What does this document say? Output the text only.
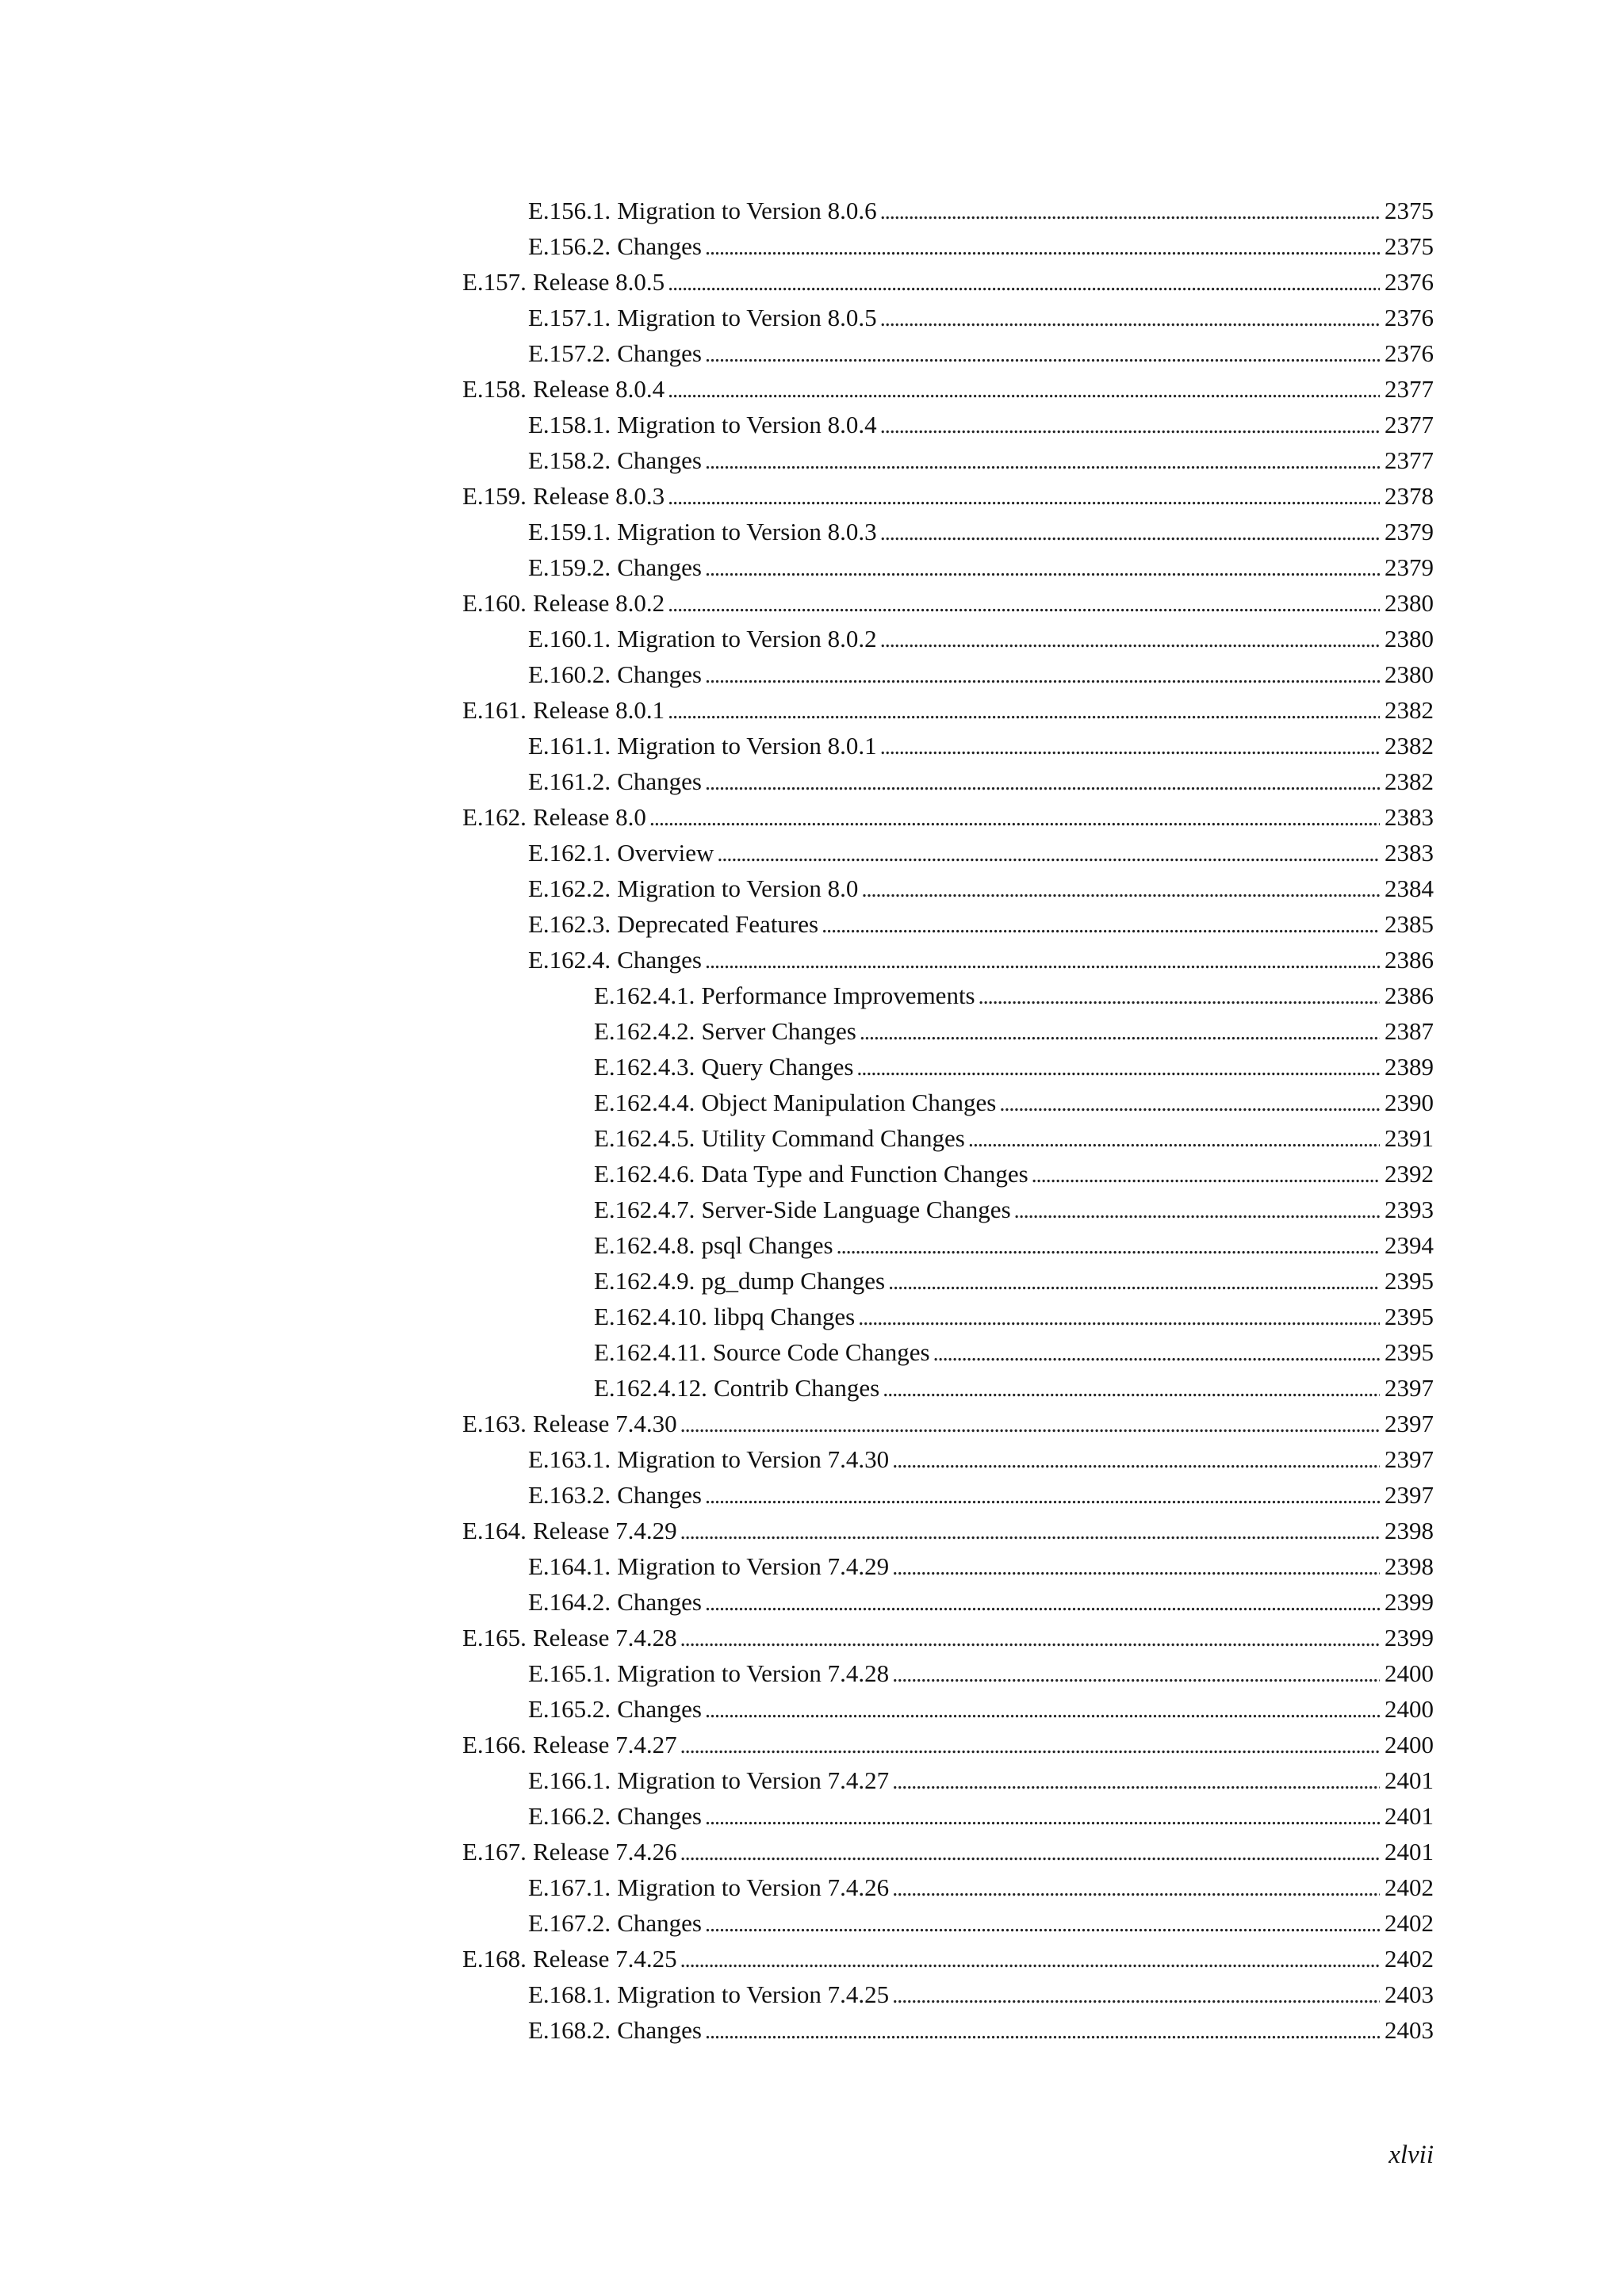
E.156.1. Migration to Version 8.0.6 . . .	2375
E.156.2. Changes . . .	2375
E.157. Release 8.0.5 . . .	2376
E.157.1. Migration to Version 8.0.5 . . .	2376
E.157.2. Changes . . .	2376
E.158. Release 8.0.4 . . .	2377
E.158.1. Migration to Version 8.0.4 . . .	2377
E.158.2. Changes . . .	2377
E.159. Release 8.0.3 . . .	2378
E.159.1. Migration to Version 8.0.3 . . .	2379
E.159.2. Changes . . .	2379
E.160. Release 8.0.2 . . .	2380
E.160.1. Migration to Version 8.0.2 . . .	2380
E.160.2. Changes . . .	2380
E.161. Release 8.0.1 . . .	2382
E.161.1. Migration to Version 8.0.1 . . .	2382
E.161.2. Changes . . .	2382
E.162. Release 8.0 . . .	2383
E.162.1. Overview . . .	2383
E.162.2. Migration to Version 8.0 . . .	2384
E.162.3. Deprecated Features . . .	2385
E.162.4. Changes . . .	2386
E.162.4.1. Performance Improvements . . .	2386
E.162.4.2. Server Changes . . .	2387
E.162.4.3. Query Changes . . .	2389
E.162.4.4. Object Manipulation Changes . . .	2390
E.162.4.5. Utility Command Changes . . .	2391
E.162.4.6. Data Type and Function Changes . . .	2392
E.162.4.7. Server-Side Language Changes . . .	2393
E.162.4.8. psql Changes . . .	2394
E.162.4.9. pg_dump Changes . . .	2395
E.162.4.10. libpq Changes . . .	2395
E.162.4.11. Source Code Changes . . .	2395
E.162.4.12. Contrib Changes . . .	2397
E.163. Release 7.4.30 . . .	2397
E.163.1. Migration to Version 7.4.30 . . .	2397
E.163.2. Changes . . .	2397
E.164. Release 7.4.29 . . .	2398
E.164.1. Migration to Version 7.4.29 . . .	2398
E.164.2. Changes . . .	2399
E.165. Release 7.4.28 . . .	2399
E.165.1. Migration to Version 7.4.28 . . .	2400
E.165.2. Changes . . .	2400
E.166. Release 7.4.27 . . .	2400
E.166.1. Migration to Version 7.4.27 . . .	2401
E.166.2. Changes . . .	2401
E.167. Release 7.4.26 . . .	2401
E.167.1. Migration to Version 7.4.26 . . .	2402
E.167.2. Changes . . .	2402
E.168. Release 7.4.25 . . .	2402
E.168.1. Migration to Version 7.4.25 . . .	2403
E.168.2. Changes . . .	2403
xlvii
